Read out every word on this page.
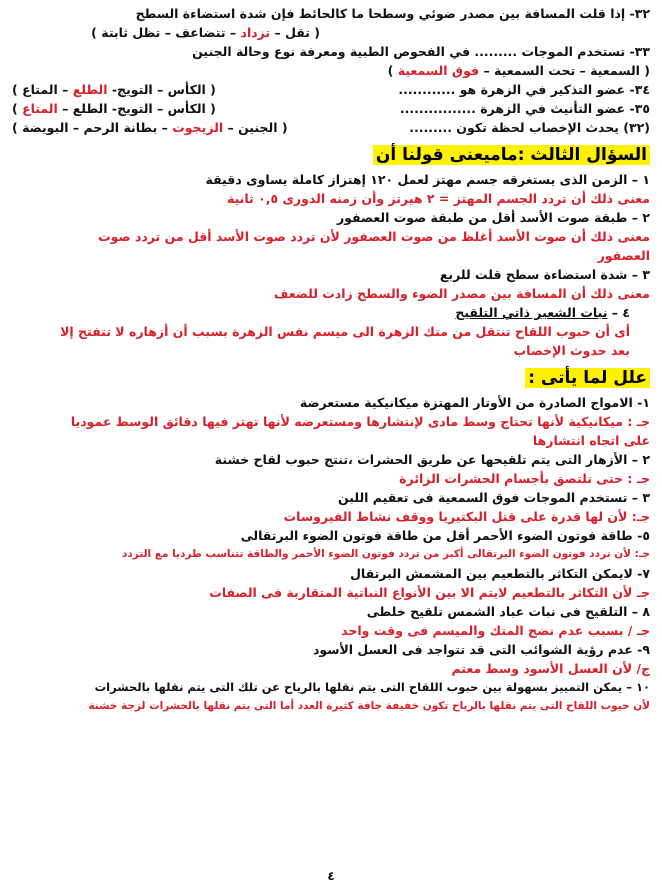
٣٢- إذا قلت المسافة بين مصدر ضوئي وسطحا ما كالحائط فإن شدة استضاءة السطح
( تقل – تزداد – تتضاعف – تظل ثابتة )
٣٣- تستخدم الموجات ......... في الفحوص الطبية ومعرفة نوع وحالة الجنين
( السمعية – تحت السمعية – فوق السمعية )
٣٤- عضو التذكير في الزهرة هو ............
( الكأس – التويج- الطلع – المتاع )
٣٥- عضو التأنيث في الزهرة ................
( الكأس – التويج- الطلع – المتاع )
(٣٢) يحدث الإخصاب لحظة تكون .........
( الجنين – الزيجوت – بطانة الرحم – البويضة )
السؤال الثالث :ماميعنى قولنا أن
١ – الزمن الذى يستغرقه جسم مهتز لعمل ١٢٠ إهتزاز كاملة يساوى دقيقة
معنى ذلك أن تردد الجسم المهتز = ٢ هيرتز وأن زمنه الدورى ٠,٥ ثانية
٢ – طبقة صوت الأسد أقل من طبقة صوت العصفور
معنى ذلك أن صوت الأسد أغلظ من صوت العصفور لأن تردد صوت الأسد أقل من تردد صوت
العصفور
٣ – شدة استضاءة سطح قلت للربع
معنى ذلك أن المسافة بين مصدر الضوء والسطح زادت للضعف
٤ – نبات الشعير ذاتي التلقيح
أى أن حبوب اللقاح تنتقل من متك الزهرة الى ميسم نفس الزهرة بسبب أن أزهاره لا تتفتح إلا
بعد حدوث الإخصاب
علل لما يأتى :
١- الامواج الصادرة من الأوتار المهتزة ميكانيكية مستعرضة
جـ : ميكانيكية لأنها تحتاج وسط مادى لإنتشارها ومستعرضه لأنها تهتز فيها دقائق الوسط عموديا
على اتجاه انتشارها
٢ – الأزهار التى يتم تلقيحها عن طريق الحشرات ،تنتج حبوب لقاح خشنة
جـ : حتى تلتصق بأجسام الحشرات الزائرة
٣ – تستخدم الموجات فوق السمعية فى تعقيم اللبن
جـ: لأن لها قدرة على قتل البكتيريا ووقف نشاط الفيروسات
٥- طاقة فوتون الضوء الأحمر أقل من طاقة فوتون الضوء البرتقالى
جـ: لأن تردد فوتون الضوء البرتقالى أكبر من تردد فوتون الضوء الأحمر والطاقة تتناسب طرديا مع التردد
٧- لايمكن التكاثر بالتطعيم بين المشمش البرتقال
جـ لأن التكاثر بالتطعيم لايتم الا بين الأنواع النباتية المتقاربة فى الصفات
٨ – التلقيح فى نبات عباد الشمس تلقيح خلطى
جـ / بسبب عدم نضج المتك والميسم فى وقت واحد
٩- عدم رؤية الشوائب التى قد تتواجد فى العسل الأسود
ج/ لأن العسل الأسود وسط معتم
١٠ – يمكن التمييز بسهولة بين حبوب اللقاح التى يتم نقلها بالرياح عن تلك التى يتم نقلها بالحشرات
لأن حبوب اللقاح التى يتم نقلها بالرياح تكون خفيفة جافة كثيرة العدد أما التى يتم نقلها بالحشرات لزجة خشنة
٤
